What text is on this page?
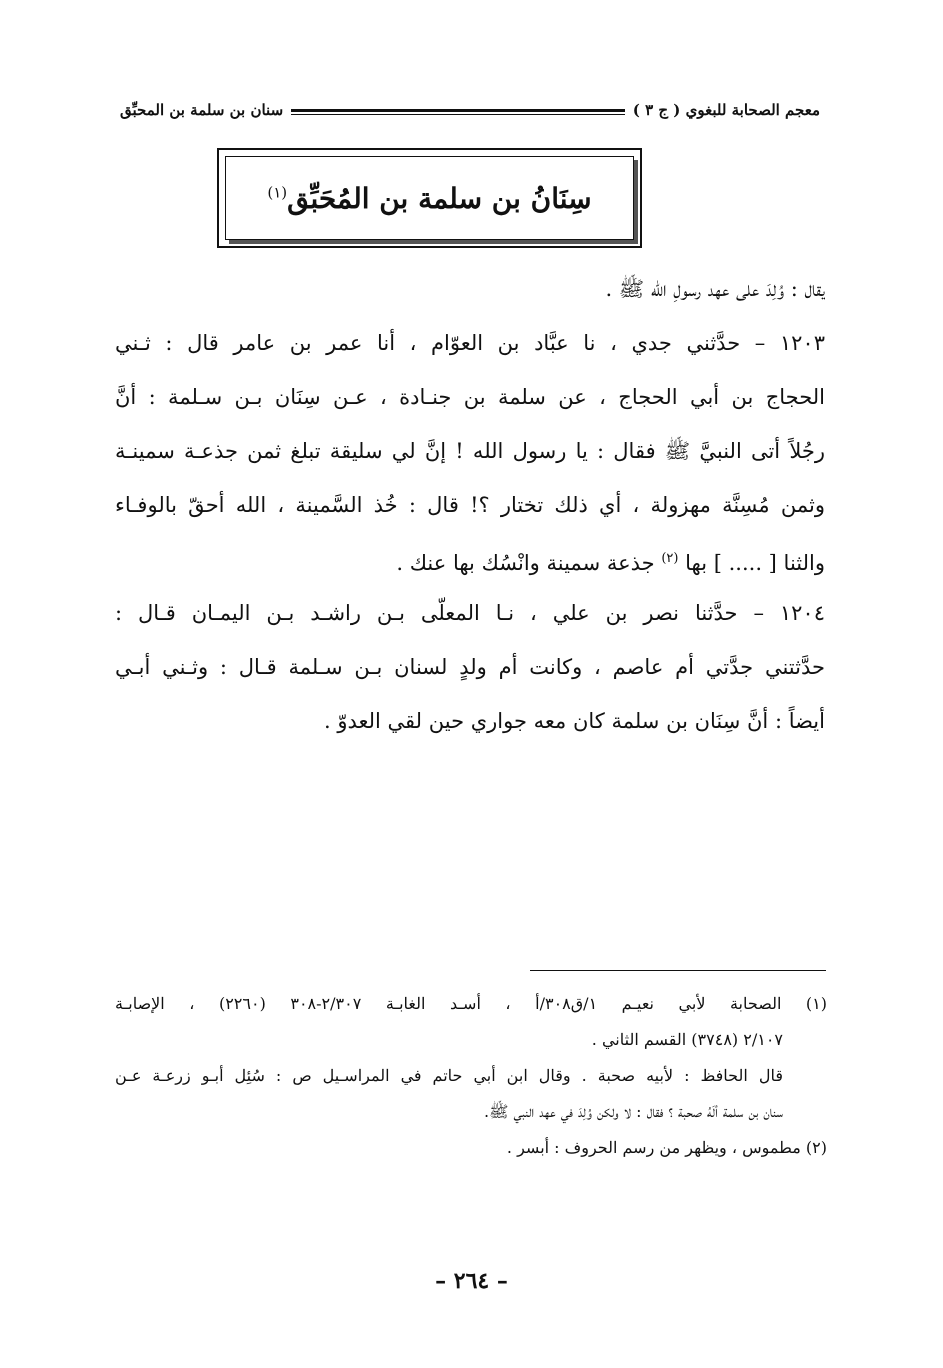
معجم الصحابة للبغوي ( ج ٣ )
سنان بن سلمة بن المحبِّق
سِنَانُ بن سلمة بن المُحَبِّق$^{(١)}$
يقال : وُلِدَ على عهد رسولِ الله ﷺ .
١٢٠٣ – حدَّثني جدي ، نا عبَّاد بن العوّام ، أنا عمر بن عامر قال : ثـني
الحجاج بن أبي الحجاج ، عن سلمة بن جنـادة ، عـن سِنَان بـن سـلمة : أنَّ
رجُلاً أتى النبيَّ ﷺ فقال : يا رسول الله ! إنَّ لي سليقة تبلغ ثمن جذعـة سمينـة
وثمن مُسِنَّة مهزولة ، أي ذلك تختار ؟! قال : خُذ السَّمينة ، الله أحقّ بالوفـاء
والثنا [ ..... ] بها $^{(٢)}$ جذعة سمينة وانْسُك بها عنك .
١٢٠٤ – حدَّثنا نصر بن علي ، نـا المعلّى بـن راشـد بـن اليمـان قـال :
حدَّثتني جدَّتي أم عاصم ، وكانت أم ولدٍ لسنان بـن سـلمة قـال : وثـني أبـي
أيضاً : أنَّ سِنَان بن سلمة كان معه جواري حين لقي العدوّ .
(١) الصحابة لأبي نعيـم ١/ق٣٠٨/أ ، أسـد الغابـة ٢/٣٠٧-٣٠٨ (٢٢٦٠) ، الإصابـة
٢/١٠٧ (٣٧٤٨) القسم الثاني .
قال الحافظ : لأبيه صحبة . وقال ابن أبي حاتم في المراسـيل ص : سُئِل أبـو زرعـة عـن
سنان بن سلمة ألَهُ صحبة ؟ فقال : لا ولكن وُلِدَ في عهد النبي ﷺ.
(٢) مطموس ، ويظهر من رسم الحروف : أبسر .
– ٢٦٤ –
